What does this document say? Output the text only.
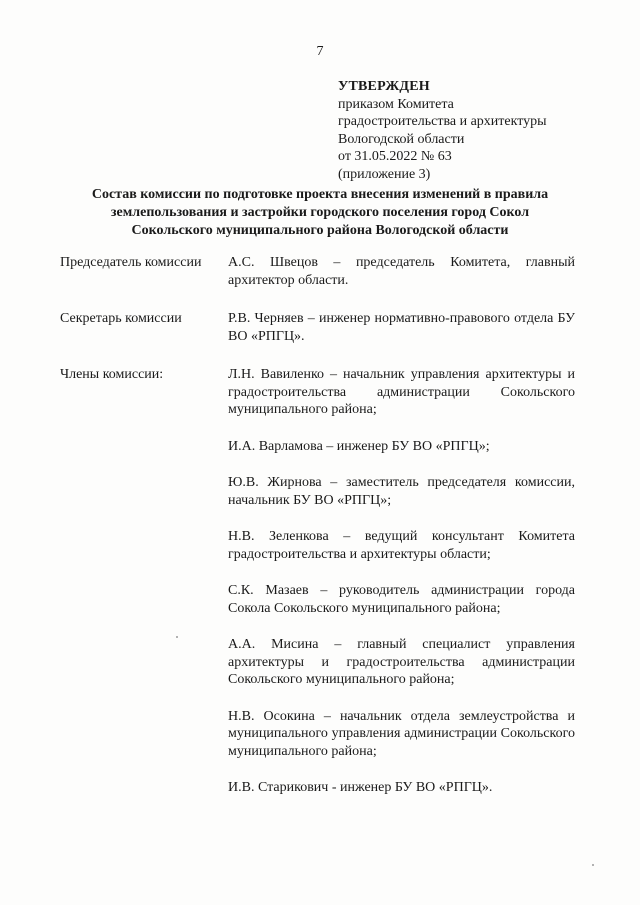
7
УТВЕРЖДЕН
приказом Комитета
градостроительства и архитектуры
Вологодской области
от 31.05.2022 № 63
(приложение 3)
Состав комиссии по подготовке проекта внесения изменений в правила
землепользования и застройки городского поселения город Сокол
Сокольского муниципального района Вологодской области
Председатель комиссии	А.С. Швецов – председатель Комитета, главный архитектор области.
Секретарь комиссии	Р.В. Черняев – инженер нормативно-правового отдела БУ ВО «РПГЦ».
Члены комиссии:	Л.Н. Вавиленко – начальник управления архитектуры и градостроительства администрации Сокольского муниципального района;
И.А. Варламова – инженер БУ ВО «РПГЦ»;
Ю.В. Жирнова – заместитель председателя комиссии, начальник БУ ВО «РПГЦ»;
Н.В. Зеленкова – ведущий консультант Комитета градостроительства и архитектуры области;
С.К. Мазаев – руководитель администрации города Сокола Сокольского муниципального района;
А.А. Мисина – главный специалист управления архитектуры и градостроительства администрации Сокольского муниципального района;
Н.В. Осокина – начальник отдела землеустройства и муниципального управления администрации Сокольского муниципального района;
И.В. Старикович - инженер БУ ВО «РПГЦ».
